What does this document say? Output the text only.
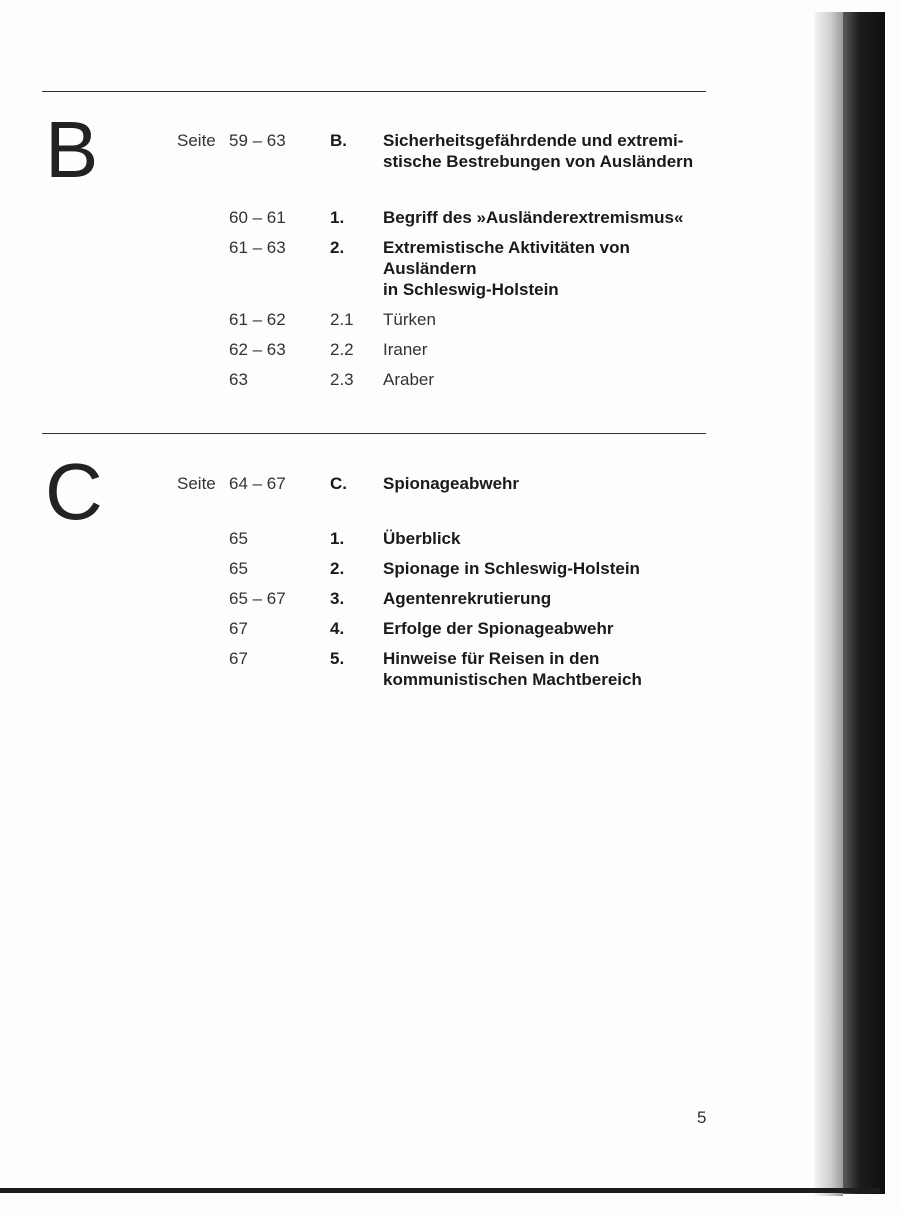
B	Seite 59 – 63	B. Sicherheitsgefährdende und extremi-
stische Bestrebungen von Ausländern
60 – 61	1. Begriff des »Ausländerextremismus«
61 – 63	2. Extremistische Aktivitäten von
Ausländern
in Schleswig-Holstein
61 – 62	2.1 Türken
62 – 63	2.2 Iraner
63	2.3 Araber
C	Seite 64 – 67	C. Spionageabwehr
65	1. Überblick
65	2. Spionage in Schleswig-Holstein
65 – 67	3. Agentenrekrutierung
67	4. Erfolge der Spionageabwehr
67	5. Hinweise für Reisen in den
kommunistischen Machtbereich
5
